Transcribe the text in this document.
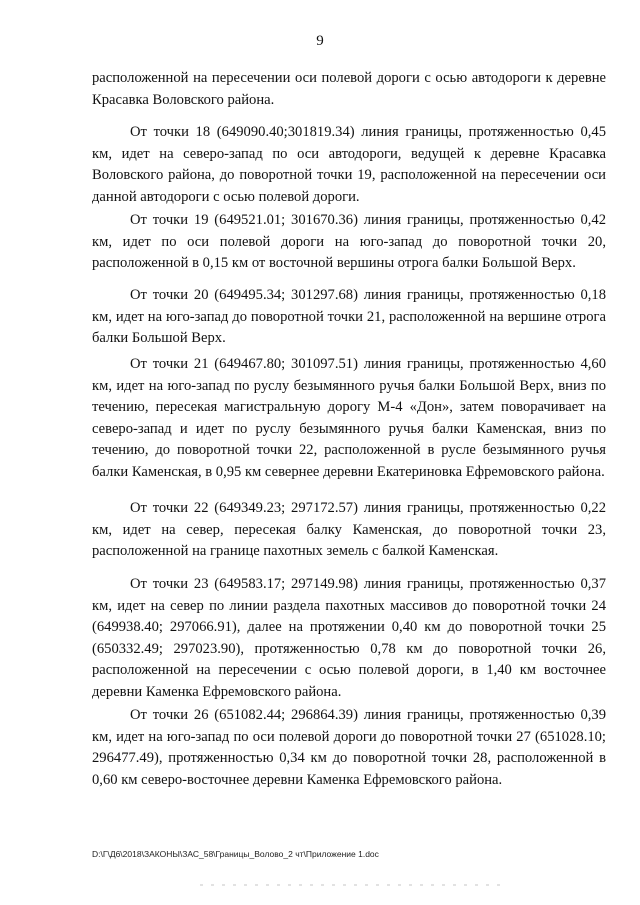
9

расположенной на пересечении оси полевой дороги с осью автодороги к деревне Красавка Воловского района.

От точки 18 (649090.40;301819.34) линия границы, протяженностью 0,45 км, идет на северо-запад по оси автодороги, ведущей к деревне Красавка Воловского района, до поворотной точки 19, расположенной на пересечении оси данной автодороги с осью полевой дороги.

От точки 19 (649521.01; 301670.36) линия границы, протяженностью 0,42 км, идет по оси полевой дороги на юго-запад до поворотной точки 20, расположенной в 0,15 км от восточной вершины отрога балки Большой Верх.

От точки 20 (649495.34; 301297.68) линия границы, протяженностью 0,18 км, идет на юго-запад до поворотной точки 21, расположенной на вершине отрога балки Большой Верх.

От точки 21 (649467.80; 301097.51) линия границы, протяженностью 4,60 км, идет на юго-запад по руслу безымянного ручья балки Большой Верх, вниз по течению, пересекая магистральную дорогу М-4 «Дон», затем поворачивает на северо-запад и идет по руслу безымянного ручья балки Каменская, вниз по течению, до поворотной точки 22, расположенной в русле безымянного ручья балки Каменская, в 0,95 км севернее деревни Екатериновка Ефремовского района.

От точки 22 (649349.23; 297172.57) линия границы, протяженностью 0,22 км, идет на север, пересекая балку Каменская, до поворотной точки 23, расположенной на границе пахотных земель с балкой Каменская.

От точки 23 (649583.17; 297149.98) линия границы, протяженностью 0,37 км, идет на север по линии раздела пахотных массивов до поворотной точки 24 (649938.40; 297066.91), далее на протяжении 0,40 км до поворотной точки 25 (650332.49; 297023.90), протяженностью 0,78 км до поворотной точки 26, расположенной на пересечении с осью полевой дороги, в 1,40 км восточнее деревни Каменка Ефремовского района.

От точки 26 (651082.44; 296864.39) линия границы, протяженностью 0,39 км, идет на юго-запад по оси полевой дороги до поворотной точки 27 (651028.10; 296477.49), протяженностью 0,34 км до поворотной точки 28, расположенной в 0,60 км северо-восточнее деревни Каменка Ефремовского района.

D:\Г\Д6\2018\ЗАКОНЫ\ЗАС_58\Границы_Волово_2 чт\Приложение 1.doc
